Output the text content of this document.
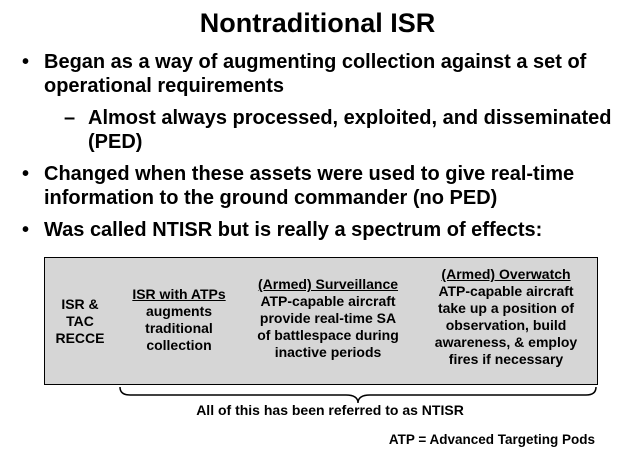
Nontraditional ISR
• Began as a way of augmenting collection against a set of operational requirements
– Almost always processed, exploited, and disseminated (PED)
• Changed when these assets were used to give real-time information to the ground commander (no PED)
• Was called NTISR but is really a spectrum of effects:
ISR &
TAC
RECCE
ISR with ATPs
augments
traditional
collection
(Armed) Surveillance
ATP-capable aircraft
provide real-time SA
of battlespace during
inactive periods
(Armed) Overwatch
ATP-capable aircraft
take up a position of
observation, build
awareness, & employ
fires if necessary
All of this has been referred to as NTISR
ATP = Advanced Targeting Pods
